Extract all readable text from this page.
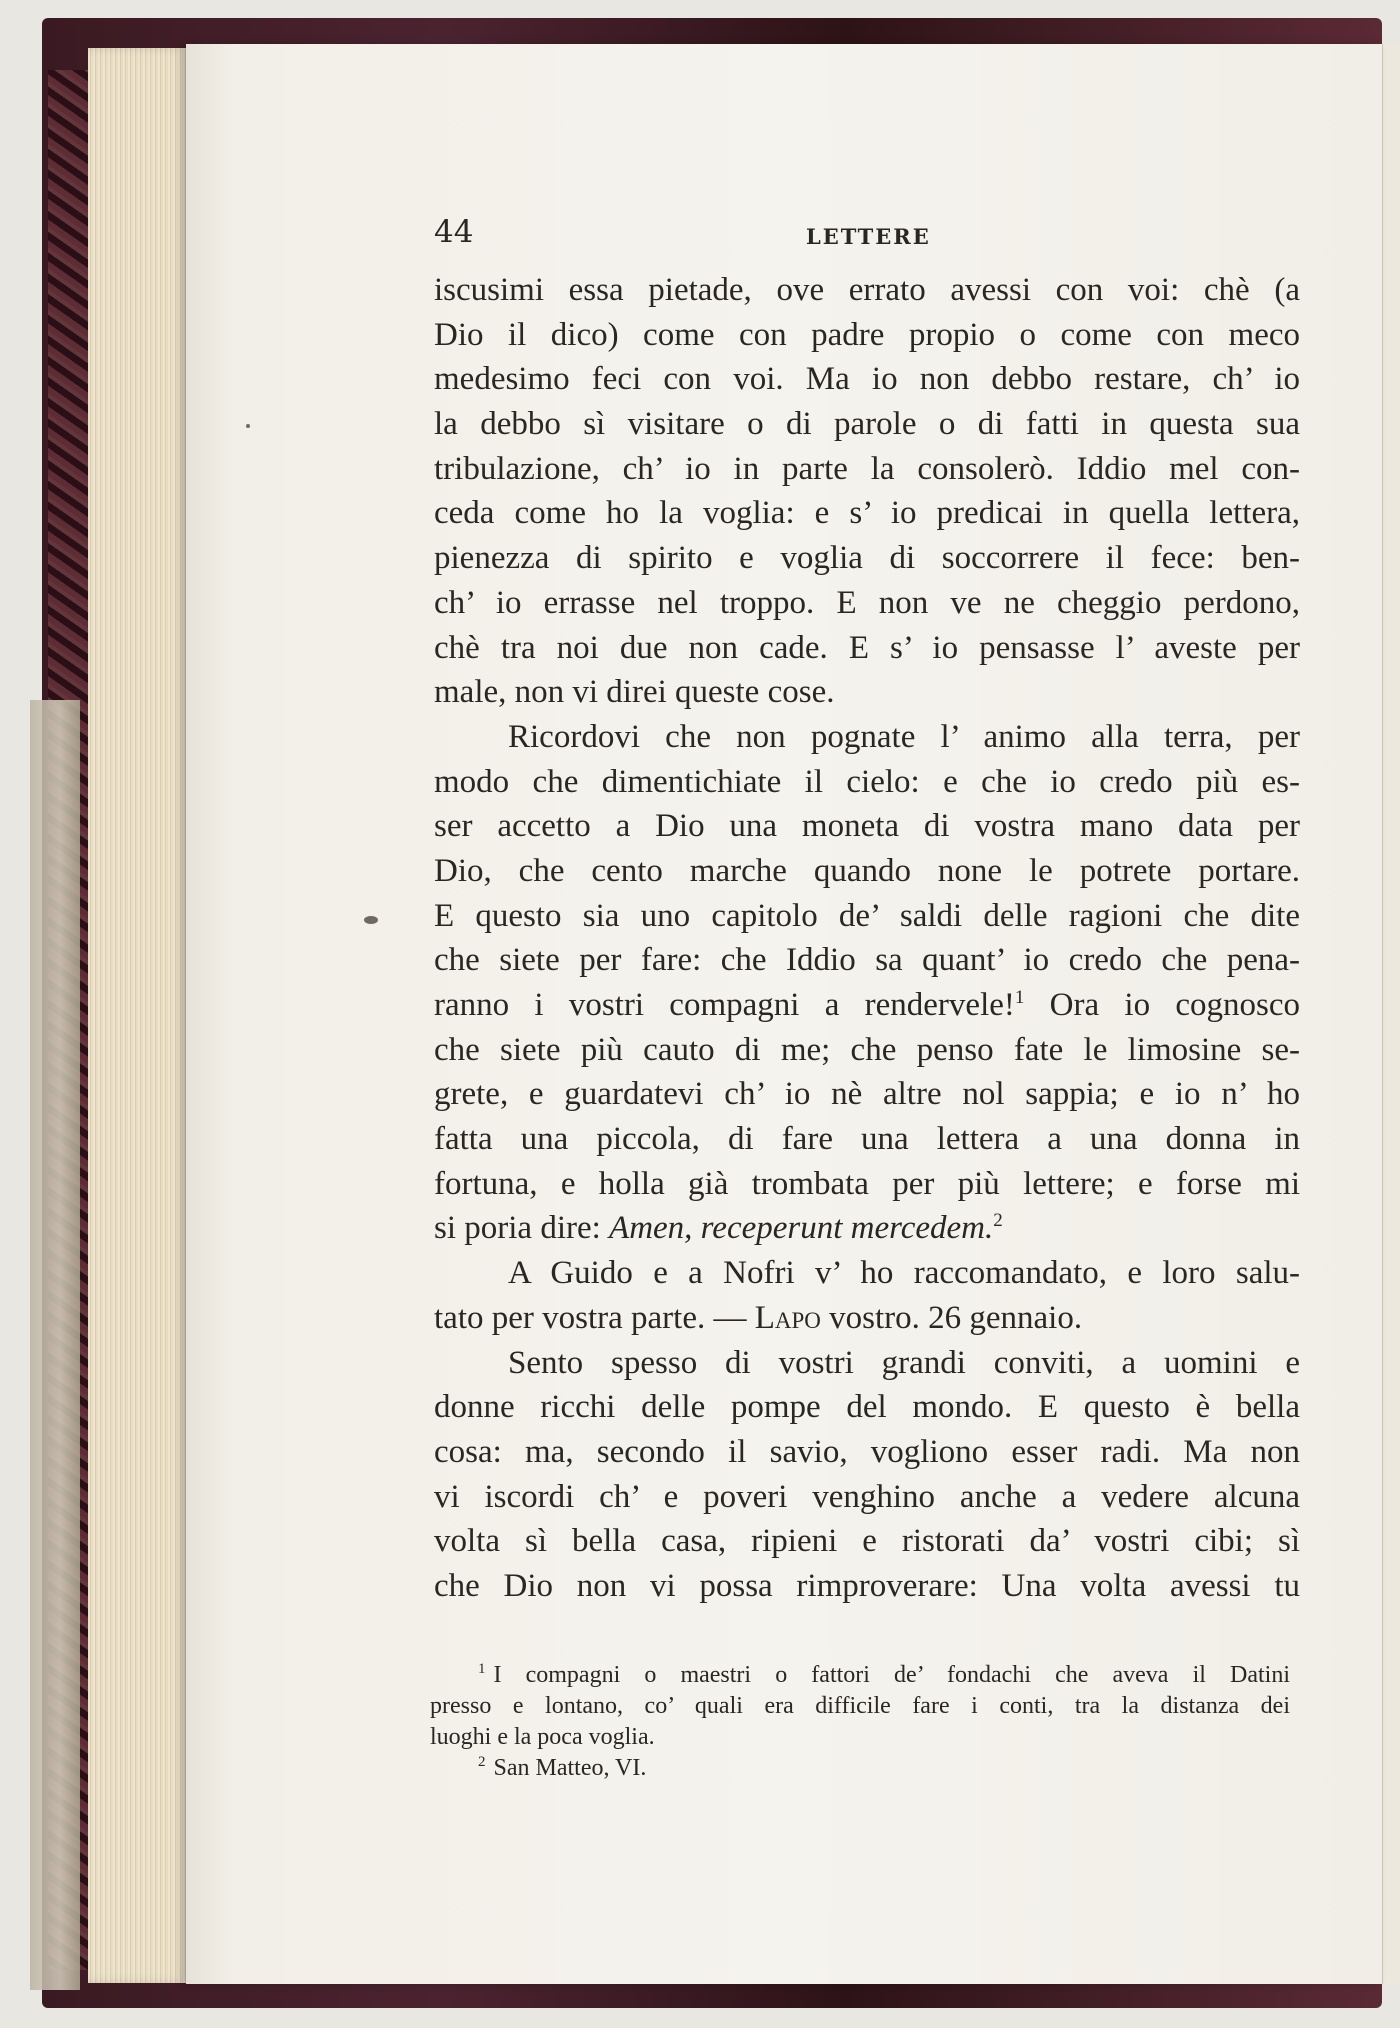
44	LETTERE
iscusimi essa pietade, ove errato avessi con voi: chè (a
Dio il dico) come con padre propio o come con meco
medesimo feci con voi. Ma io non debbo restare, ch’ io
la debbo sì visitare o di parole o di fatti in questa sua
tribulazione, ch’ io in parte la consolerò. Iddio mel con-
ceda come ho la voglia: e s’ io predicai in quella lettera,
pienezza di spirito e voglia di soccorrere il fece: ben-
ch’ io errasse nel troppo. E non ve ne cheggio perdono,
chè tra noi due non cade. E s’ io pensasse l’ aveste per
male, non vi direi queste cose.
Ricordovi che non pognate l’ animo alla terra, per
modo che dimentichiate il cielo: e che io credo più es-
ser accetto a Dio una moneta di vostra mano data per
Dio, che cento marche quando none le potrete portare.
E questo sia uno capitolo de’ saldi delle ragioni che dite
che siete per fare: che Iddio sa quant’ io credo che pena-
ranno i vostri compagni a rendervele!$^1$ Ora io cognosco
che siete più cauto di me; che penso fate le limosine se-
grete, e guardatevi ch’ io nè altre nol sappia; e io n’ ho
fatta una piccola, di fare una lettera a una donna in
fortuna, e holla già trombata per più lettere; e forse mi
si poria dire: Amen, receperunt mercedem.$^2$
A Guido e a Nofri v’ ho raccomandato, e loro salu-
tato per vostra parte. — Lapo vostro. 26 gennaio.
Sento spesso di vostri grandi conviti, a uomini e
donne ricchi delle pompe del mondo. E questo è bella
cosa: ma, secondo il savio, vogliono esser radi. Ma non
vi iscordi ch’ e poveri venghino anche a vedere alcuna
volta sì bella casa, ripieni e ristorati da’ vostri cibi; sì
che Dio non vi possa rimproverare: Una volta avessi tu
$^1$ I compagni o maestri o fattori de’ fondachi che aveva il Datini
presso e lontano, co’ quali era difficile fare i conti, tra la distanza dei
luoghi e la poca voglia.
$^2$ San Matteo, VI.
